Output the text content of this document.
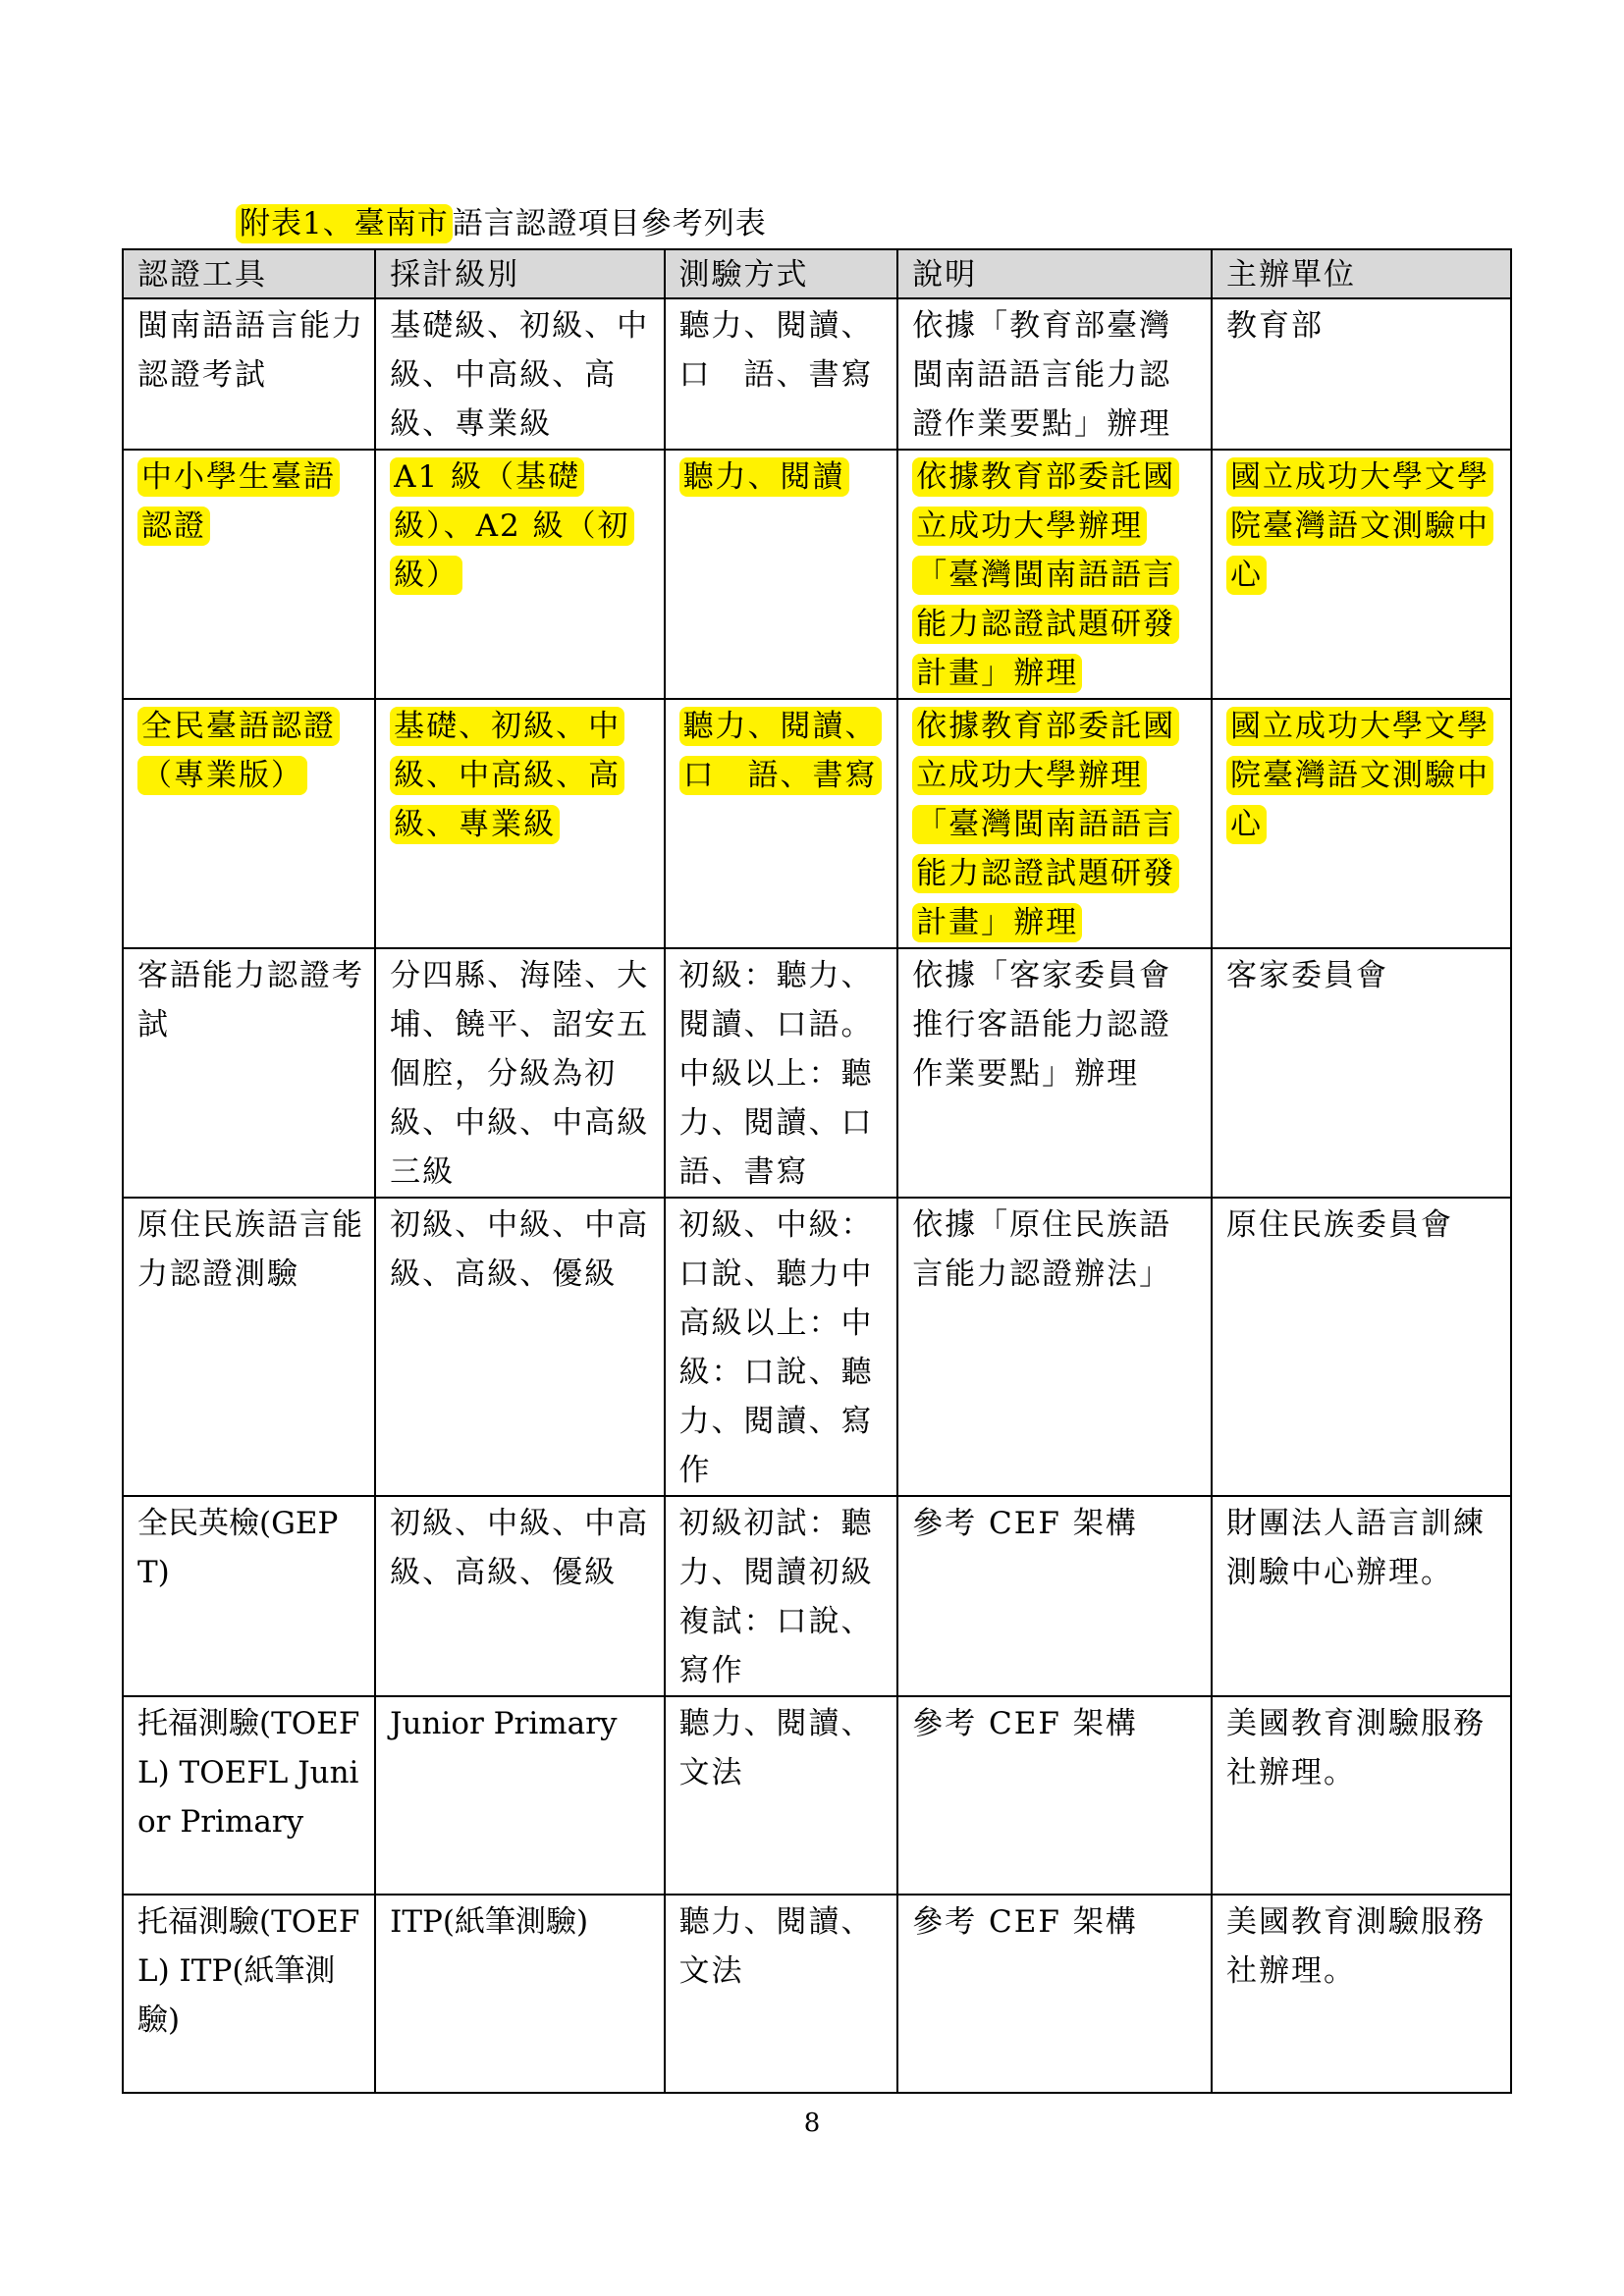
附表1、臺南市 語言認證項目參考列表
認證工具	採計級別	測驗方式	說明	主辦單位
閩南語語言能力認證考試	基礎級、初級、中級、中高級、高級、專業級	聽力、閱讀、口　語、書寫	依據「教育部臺灣閩南語語言能力認證作業要點」辦理	教育部
中小學生臺語認證	A1 級（基礎級）、A2 級（初級）	聽力、閱讀	依據教育部委託國立成功大學辦理「臺灣閩南語語言能力認證試題研發計畫」辦理	國立成功大學文學院臺灣語文測驗中心
全民臺語認證（專業版）	基礎、初級、中級、中高級、高級、專業級	聽力、閱讀、口　語、書寫	依據教育部委託國立成功大學辦理「臺灣閩南語語言能力認證試題研發計畫」辦理	國立成功大學文學院臺灣語文測驗中心
客語能力認證考試	分四縣、海陸、大埔、饒平、詔安五個腔，分級為初級、中級、中高級三級	初級：聽力、閱讀、口語。中級以上：聽力、閱讀、口語、書寫	依據「客家委員會推行客語能力認證作業要點」辦理	客家委員會
原住民族語言能力認證測驗	初級、中級、中高級、高級、優級	初級、中級：口說、聽力中高級以上：中級：口說、聽力、閱讀、寫作	依據「原住民族語言能力認證辦法」	原住民族委員會
全民英檢(GEPT)	初級、中級、中高級、高級、優級	初級初試：聽力、閱讀初級複試：口說、寫作	參考 CEF 架構	財團法人語言訓練測驗中心辦理。
托福測驗(TOEFL) TOEFL Junior Primary	Junior Primary	聽力、閱讀、文法	參考 CEF 架構	美國教育測驗服務社辦理。
托福測驗(TOEFL) ITP(紙筆測驗)	ITP(紙筆測驗)	聽力、閱讀、文法	參考 CEF 架構	美國教育測驗服務社辦理。
8
